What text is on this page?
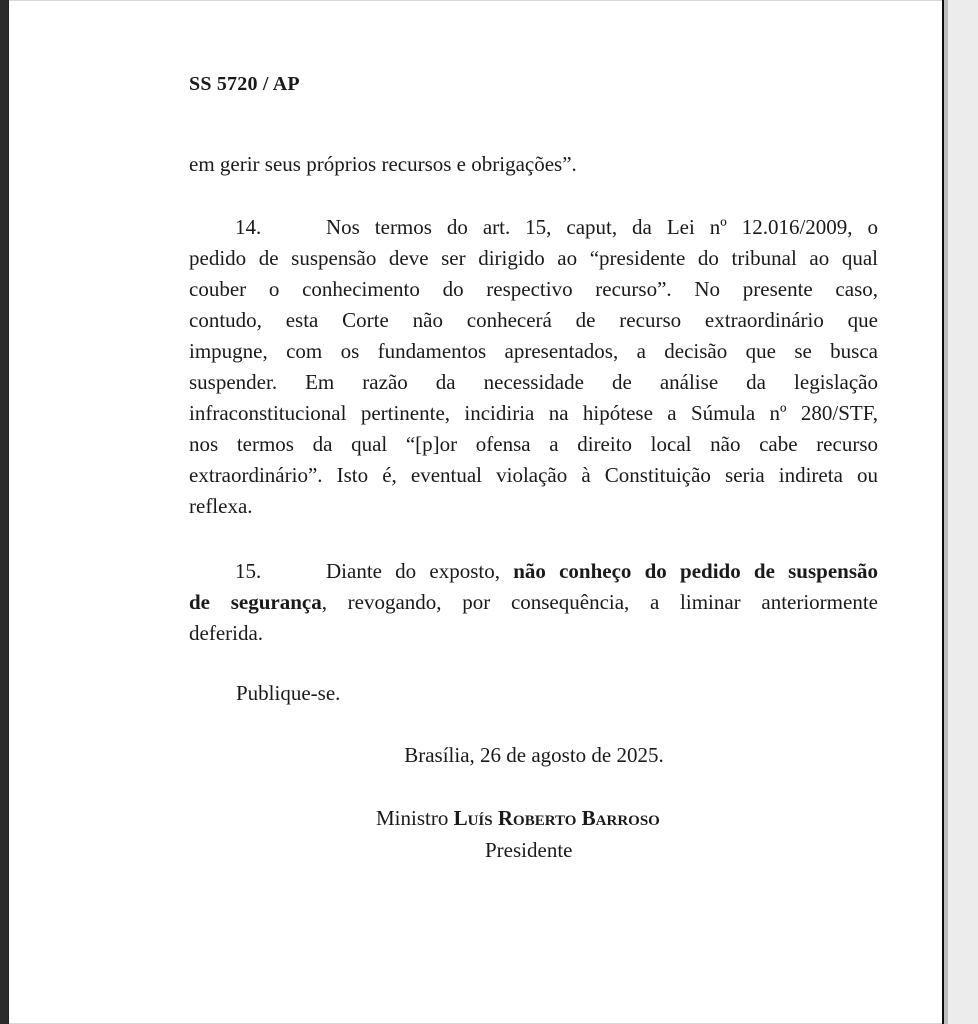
SS 5720 / AP
em gerir seus próprios recursos e obrigações”.
14.	Nos termos do art. 15, caput, da Lei nº 12.016/2009, o
pedido de suspensão deve ser dirigido ao “presidente do tribunal ao qual
couber o conhecimento do respectivo recurso”. No presente caso,
contudo, esta Corte não conhecerá de recurso extraordinário que
impugne, com os fundamentos apresentados, a decisão que se busca
suspender. Em razão da necessidade de análise da legislação
infraconstitucional pertinente, incidiria na hipótese a Súmula nº 280/STF,
nos termos da qual “[p]or ofensa a direito local não cabe recurso
extraordinário”. Isto é, eventual violação à Constituição seria indireta ou
reflexa.
15.	Diante do exposto, não conheço do pedido de suspensão
de segurança, revogando, por consequência, a liminar anteriormente
deferida.
Publique-se.
Brasília, 26 de agosto de 2025.
Ministro Luís Roberto Barroso
Presidente
